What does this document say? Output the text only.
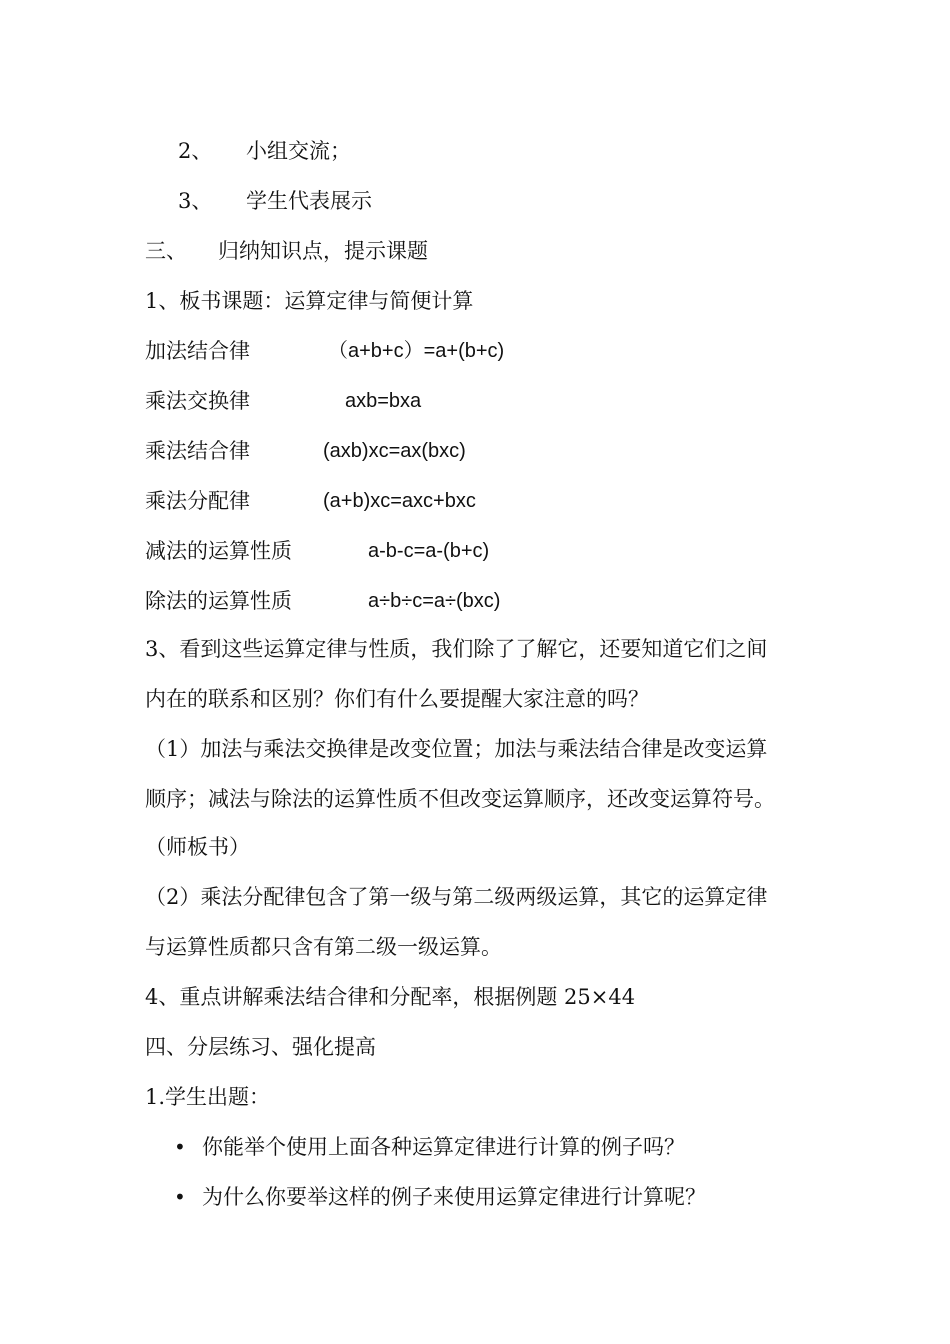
2、 小组交流；
3、 学生代表展示
三、 归纳知识点，提示课题
1、板书课题：运算定律与简便计算
加法结合律	（a+b+c）=a+(b+c)
乘法交换律	axb=bxa
乘法结合律	(axb)xc=ax(bxc)
乘法分配律	(a+b)xc=axc+bxc
减法的运算性质	a-b-c=a-(b+c)
除法的运算性质	a÷b÷c=a÷(bxc)
3、看到这些运算定律与性质，我们除了了解它，还要知道它们之间
内在的联系和区别？你们有什么要提醒大家注意的吗？
（1）加法与乘法交换律是改变位置；加法与乘法结合律是改变运算
顺序；减法与除法的运算性质不但改变运算顺序，还改变运算符号。
（师板书）
（2）乘法分配律包含了第一级与第二级两级运算，其它的运算定律
与运算性质都只含有第二级一级运算。
4、重点讲解乘法结合律和分配率，根据例题 25×44
四、分层练习、强化提高
1.学生出题：
• 你能举个使用上面各种运算定律进行计算的例子吗？
• 为什么你要举这样的例子来使用运算定律进行计算呢？
